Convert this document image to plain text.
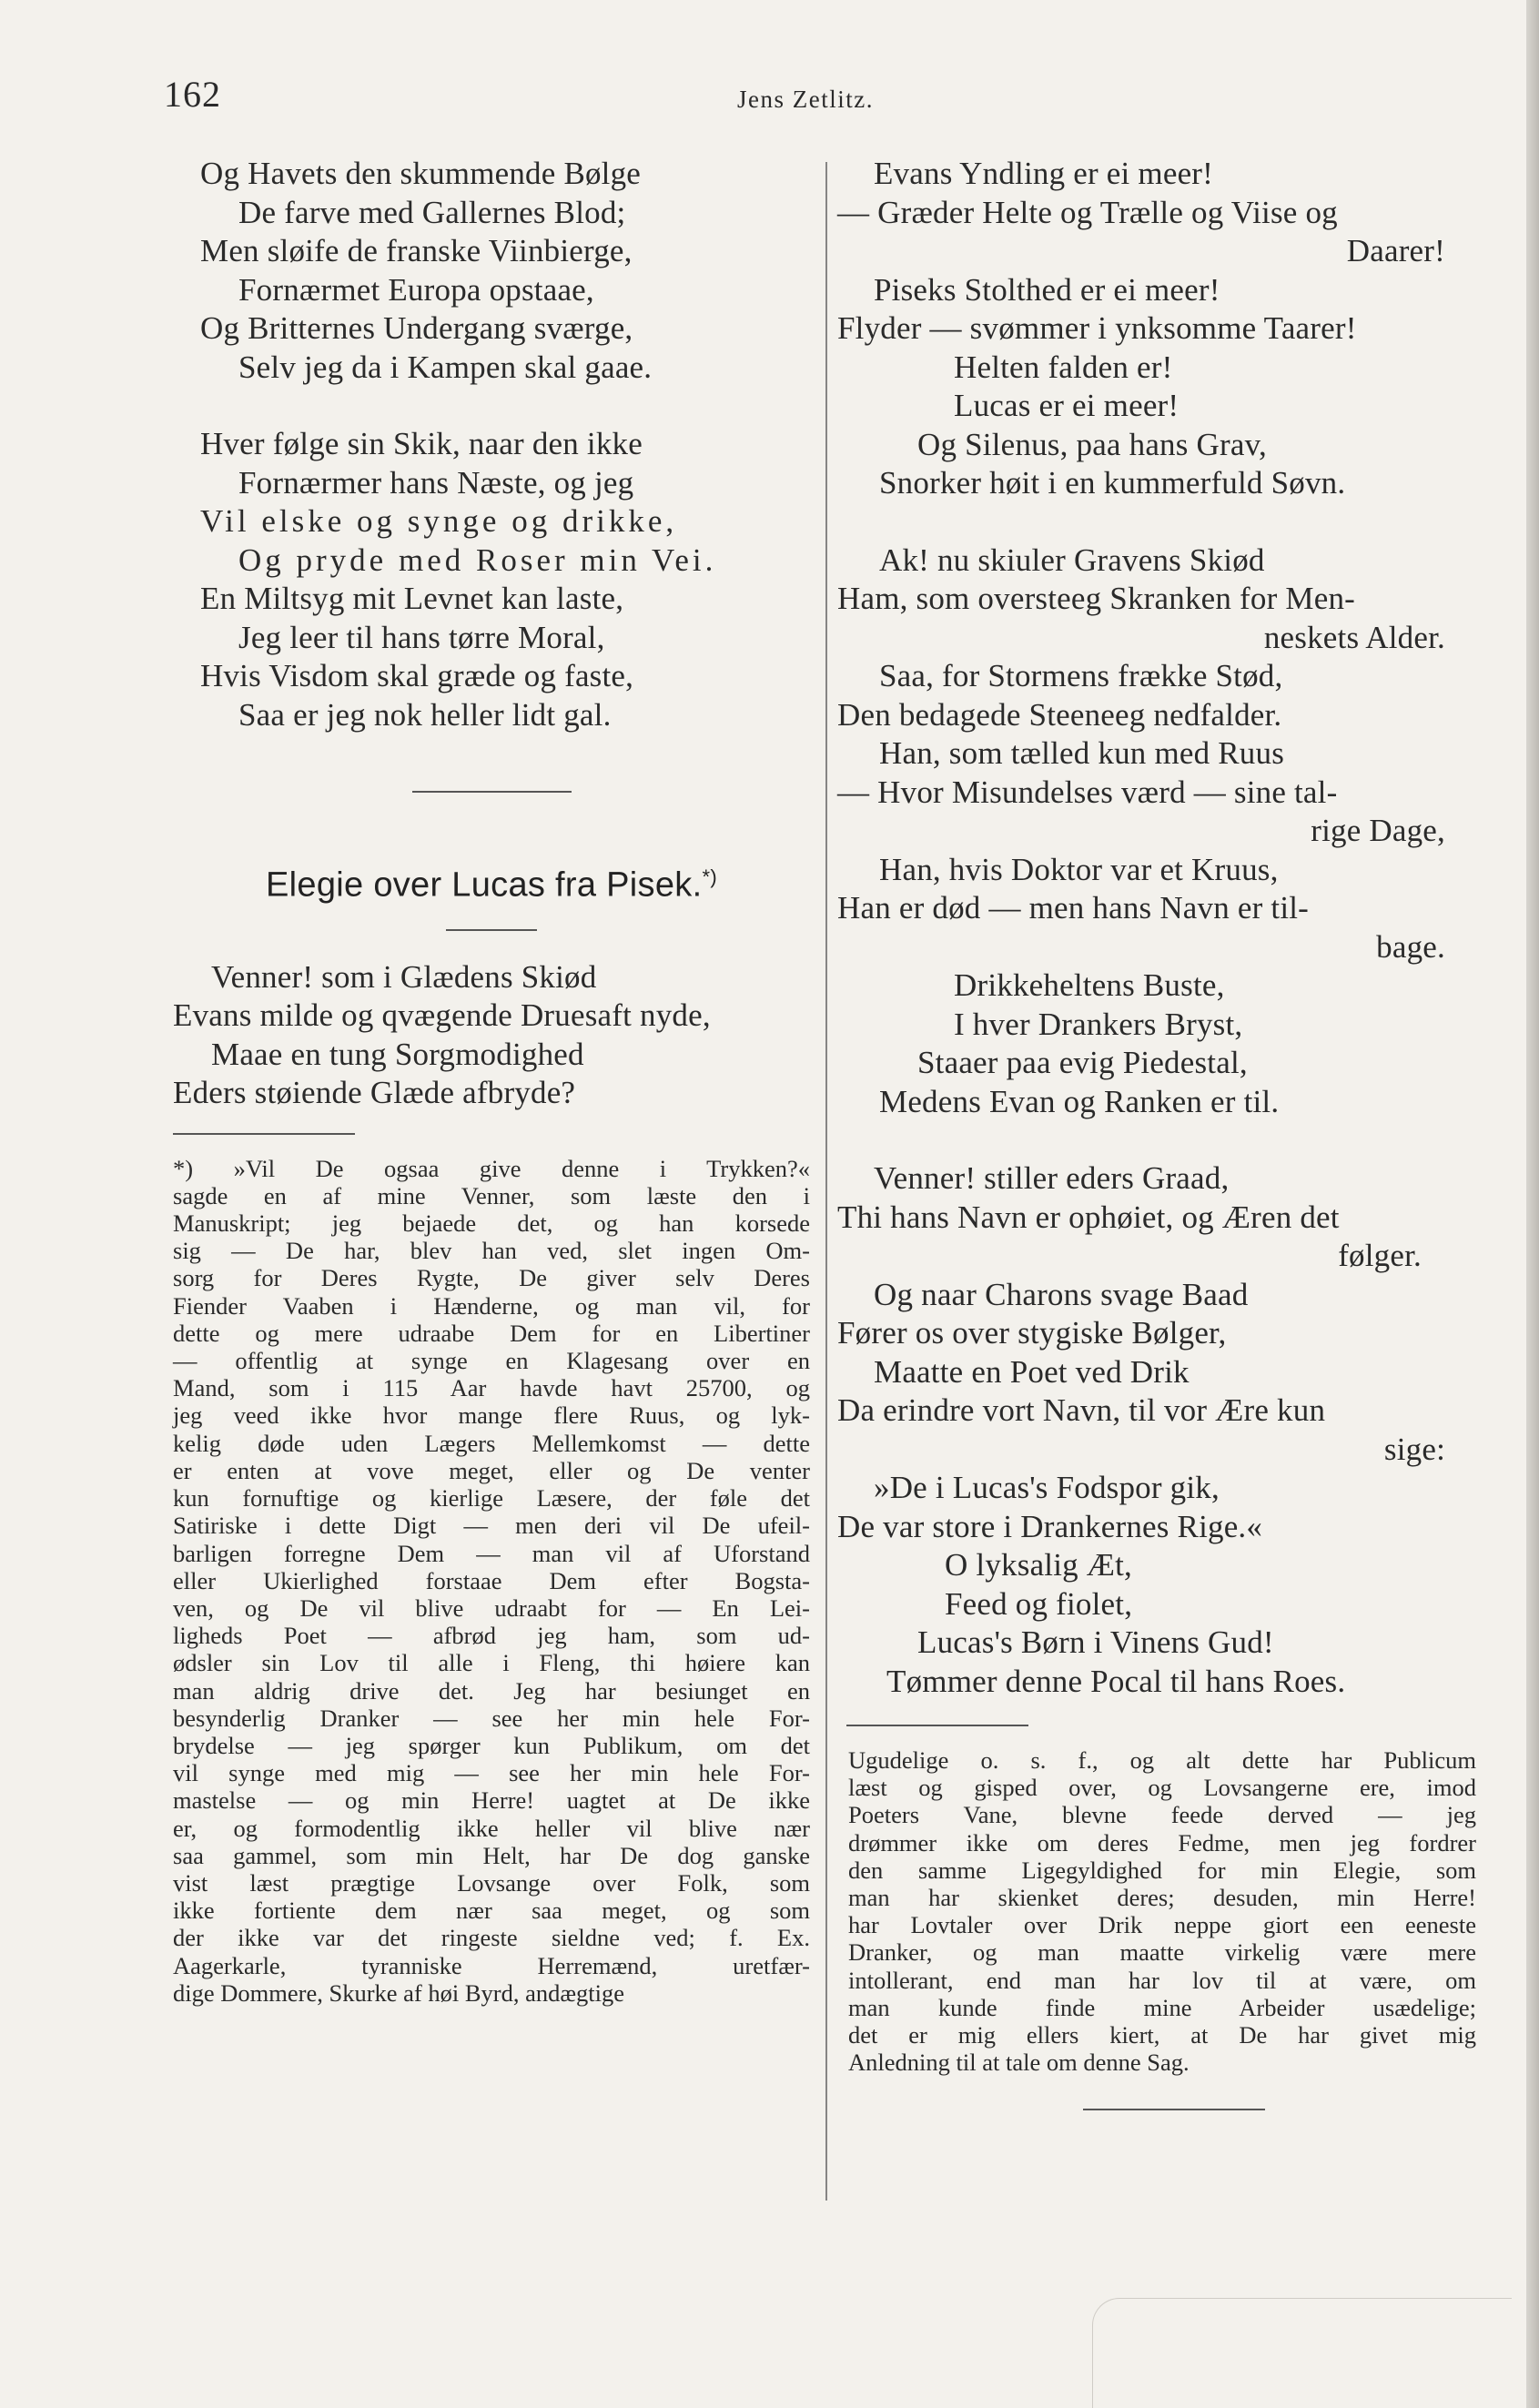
162	Jens Zetlitz.
Og Havets den skummende Bølge
De farve med Gallernes Blod;
Men sløife de franske Viinbierge,
Fornærmet Europa opstaae,
Og Britternes Undergang sværge,
Selv jeg da i Kampen skal gaae.
Hver følge sin Skik, naar den ikke
Fornærmer hans Næste, og jeg
Vil elske og synge og drikke,
Og pryde med Roser min Vei.
En Miltsyg mit Levnet kan laste,
Jeg leer til hans tørre Moral,
Hvis Visdom skal græde og faste,
Saa er jeg nok heller lidt gal.
Elegie over Lucas fra Pisek.*)
Venner! som i Glædens Skiød
Evans milde og qvægende Druesaft nyde,
Maae en tung Sorgmodighed
Eders støiende Glæde afbryde?
*) »Vil De ogsaa give denne i Trykken?«
sagde en af mine Venner, som læste den i
Manuskript; jeg bejaede det, og han korsede
sig — De har, blev han ved, slet ingen Om-
sorg for Deres Rygte, De giver selv Deres
Fiender Vaaben i Hænderne, og man vil, for
dette og mere udraabe Dem for en Libertiner
— offentlig at synge en Klagesang over en
Mand, som i 115 Aar havde havt 25700, og
jeg veed ikke hvor mange flere Ruus, og lyk-
kelig døde uden Lægers Mellemkomst — dette
er enten at vove meget, eller og De venter
kun fornuftige og kierlige Læsere, der føle det
Satiriske i dette Digt — men deri vil De ufeil-
barligen forregne Dem — man vil af Uforstand
eller Ukierlighed forstaae Dem efter Bogsta-
ven, og De vil blive udraabt for — En Lei-
ligheds Poet — afbrød jeg ham, som ud-
ødsler sin Lov til alle i Fleng, thi høiere kan
man aldrig drive det. Jeg har besiunget en
besynderlig Dranker — see her min hele For-
brydelse — jeg spørger kun Publikum, om det
vil synge med mig — see her min hele For-
mastelse — og min Herre! uagtet at De ikke
er, og formodentlig ikke heller vil blive nær
saa gammel, som min Helt, har De dog ganske
vist læst prægtige Lovsange over Folk, som
ikke fortiente dem nær saa meget, og som
der ikke var det ringeste sieldne ved; f. Ex.
Aagerkarle, tyranniske Herremænd, uretfær-
dige Dommere, Skurke af høi Byrd, andægtige
Evans Yndling er ei meer!
— Græder Helte og Trælle og Viise og
Daarer!
Piseks Stolthed er ei meer!
Flyder — svømmer i ynksomme Taarer!
Helten falden er!
Lucas er ei meer!
Og Silenus, paa hans Grav,
Snorker høit i en kummerfuld Søvn.
Ak! nu skiuler Gravens Skiød
Ham, som oversteeg Skranken for Men-
neskets Alder.
Saa, for Stormens frække Stød,
Den bedagede Steeneeg nedfalder.
Han, som tælled kun med Ruus
— Hvor Misundelses værd — sine tal-
rige Dage,
Han, hvis Doktor var et Kruus,
Han er død — men hans Navn er til-
bage.
Drikkeheltens Buste,
I hver Drankers Bryst,
Staaer paa evig Piedestal,
Medens Evan og Ranken er til.
Venner! stiller eders Graad,
Thi hans Navn er ophøiet, og Æren det
følger.
Og naar Charons svage Baad
Fører os over stygiske Bølger,
Maatte en Poet ved Drik
Da erindre vort Navn, til vor Ære kun
sige:
»De i Lucas's Fodspor gik,
De var store i Drankernes Rige.«
O lyksalig Æt,
Feed og fiolet,
Lucas's Børn i Vinens Gud!
Tømmer denne Pocal til hans Roes.
Ugudelige o. s. f., og alt dette har Publicum
læst og gisped over, og Lovsangerne ere, imod
Poeters Vane, blevne feede derved — jeg
drømmer ikke om deres Fedme, men jeg fordrer
den samme Ligegyldighed for min Elegie, som
man har skienket deres; desuden, min Herre!
har Lovtaler over Drik neppe giort een eeneste
Dranker, og man maatte virkelig være mere
intollerant, end man har lov til at være, om
man kunde finde mine Arbeider usædelige;
det er mig ellers kiert, at De har givet mig
Anledning til at tale om denne Sag.
